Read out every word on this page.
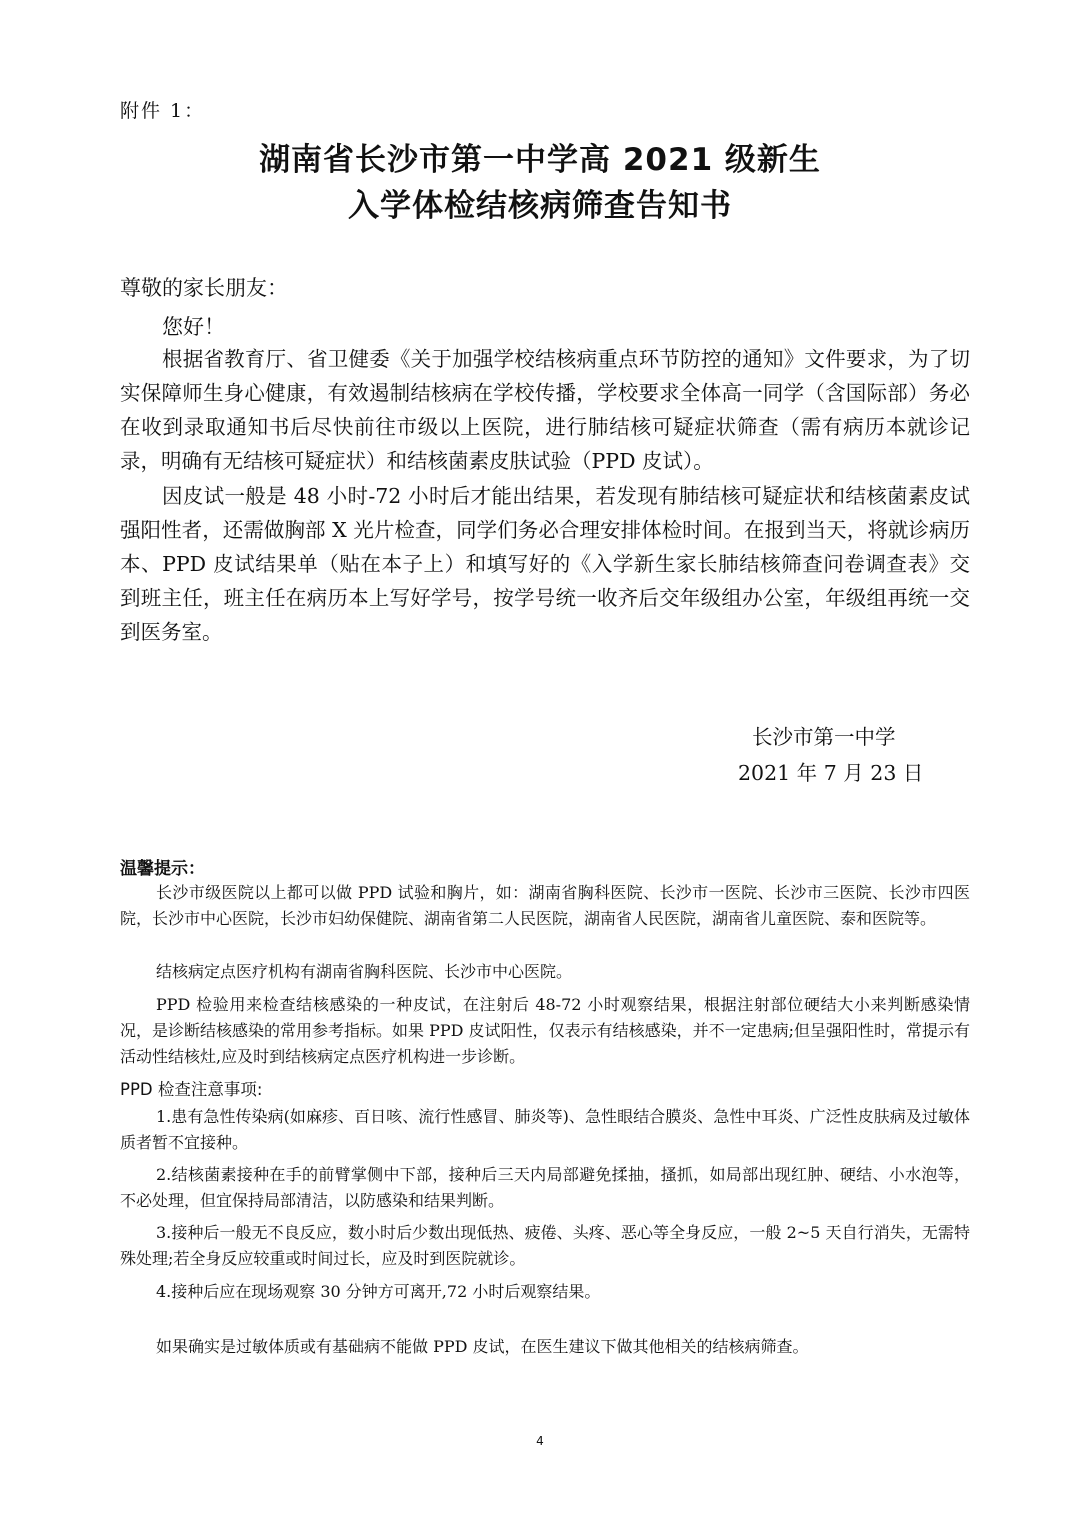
附件 1：
湖南省长沙市第一中学高 2021 级新生
入学体检结核病筛查告知书
尊敬的家长朋友：
您好！
根据省教育厅、省卫健委《关于加强学校结核病重点环节防控的通知》文件要求，为了切实保障师生身心健康，有效遏制结核病在学校传播，学校要求全体高一同学（含国际部）务必在收到录取通知书后尽快前往市级以上医院，进行肺结核可疑症状筛查（需有病历本就诊记录，明确有无结核可疑症状）和结核菌素皮肤试验（PPD 皮试）。
因皮试一般是 48 小时-72 小时后才能出结果，若发现有肺结核可疑症状和结核菌素皮试强阳性者，还需做胸部 X 光片检查，同学们务必合理安排体检时间。在报到当天，将就诊病历本、PPD 皮试结果单（贴在本子上）和填写好的《入学新生家长肺结核筛查问卷调查表》交到班主任，班主任在病历本上写好学号，按学号统一收齐后交年级组办公室，年级组再统一交到医务室。
长沙市第一中学
2021 年 7 月 23 日
温馨提示：
长沙市级医院以上都可以做 PPD 试验和胸片，如：湖南省胸科医院、长沙市一医院、长沙市三医院、长沙市四医院，长沙市中心医院，长沙市妇幼保健院、湖南省第二人民医院，湖南省人民医院，湖南省儿童医院、泰和医院等。
结核病定点医疗机构有湖南省胸科医院、长沙市中心医院。
PPD 检验用来检查结核感染的一种皮试，在注射后 48-72 小时观察结果，根据注射部位硬结大小来判断感染情况，是诊断结核感染的常用参考指标。如果 PPD 皮试阳性，仅表示有结核感染，并不一定患病;但呈强阳性时，常提示有活动性结核灶,应及时到结核病定点医疗机构进一步诊断。
PPD 检查注意事项:
1.患有急性传染病(如麻疹、百日咳、流行性感冒、肺炎等)、急性眼结合膜炎、急性中耳炎、广泛性皮肤病及过敏体质者暂不宜接种。
2.结核菌素接种在手的前臂掌侧中下部，接种后三天内局部避免揉抽，搔抓，如局部出现红肿、硬结、小水泡等，不必处理，但宜保持局部清洁，以防感染和结果判断。
3.接种后一般无不良反应，数小时后少数出现低热、疲倦、头疼、恶心等全身反应，一般 2~5 天自行消失，无需特殊处理;若全身反应较重或时间过长，应及时到医院就诊。
4.接种后应在现场观察 30 分钟方可离开,72 小时后观察结果。
如果确实是过敏体质或有基础病不能做 PPD 皮试，在医生建议下做其他相关的结核病筛查。
4
